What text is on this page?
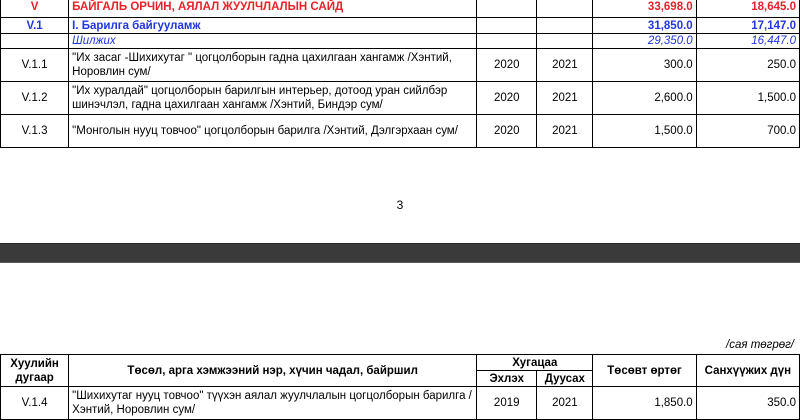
V	БАЙГАЛЬ ОРЧИН, АЯЛАЛ ЖУУЛЧЛАЛЫН САЙД			33,698.0	18,645.0
V.1	I. Барилга байгууламж			31,850.0	17,147.0
	Шилжих			29,350.0	16,447.0
V.1.1	"Их засаг -Шихихутаг " цогцолборын гадна цахилгаан хангамж /Хэнтий, Норовлин сум/	2020	2021	300.0	250.0
V.1.2	"Их хуралдай" цогцолборын барилгын интерьер, дотоод уран сийлбэр шинэчлэл, гадна цахилгаан хангамж /Хэнтий, Биндэр сум/	2020	2021	2,600.0	1,500.0
V.1.3	"Монголын нууц товчоо" цогцолборын барилга /Хэнтий, Дэлгэрхаан сум/	2020	2021	1,500.0	700.0
3
/сая төгрөг/
Хуулийн дугаар	Төсөл, арга хэмжээний нэр, хүчин чадал, байршил	Хугацаа		Төсөвт өртөг	Санхүүжих дүн
		Эхлэх	Дуусах		
V.1.4	"Шихихутаг нууц товчоо" түүхэн аялал жуулчлалын цогцолборын барилга /Хэнтий, Норовлин сум/	2019	2021	1,850.0	350.0
